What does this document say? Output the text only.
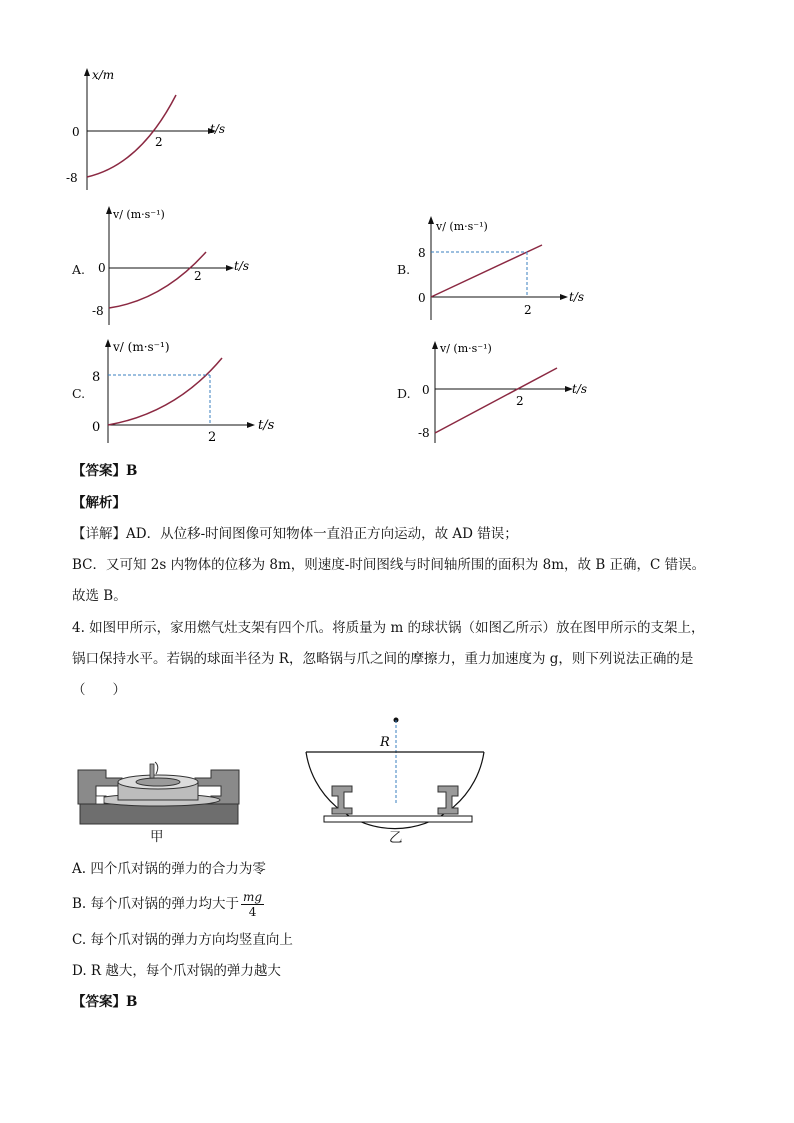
x/m
0
-8
2
t/s
A.
v/ (m·s⁻¹)
0
-8
2
t/s	B.
v/ (m·s⁻¹)
8
0
2
t/s
C.
v/ (m·s⁻¹)
8
0
2
t/s
D.
v/ (m·s⁻¹)
0
-8
2
t/s
【答案】B
【解析】
【详解】AD．从位移-时间图像可知物体一直沿正方向运动，故 AD 错误；
BC．又可知 2s 内物体的位移为 8m，则速度-时间图线与时间轴所围的面积为 8m，故 B 正确，C 错误。
故选 B。
4. 如图甲所示，家用燃气灶支架有四个爪。将质量为 m 的球状锅（如图乙所示）放在图甲所示的支架上，
锅口保持水平。若锅的球面半径为 R，忽略锅与爪之间的摩擦力，重力加速度为 g，则下列说法正确的是
（　　）
甲
R
乙
A. 四个爪对锅的弹力的合力为零
B. 每个爪对锅的弹力均大于 $\frac{mg}{4}$
C. 每个爪对锅的弹力方向均竖直向上
D. R 越大，每个爪对锅的弹力越大
【答案】B
